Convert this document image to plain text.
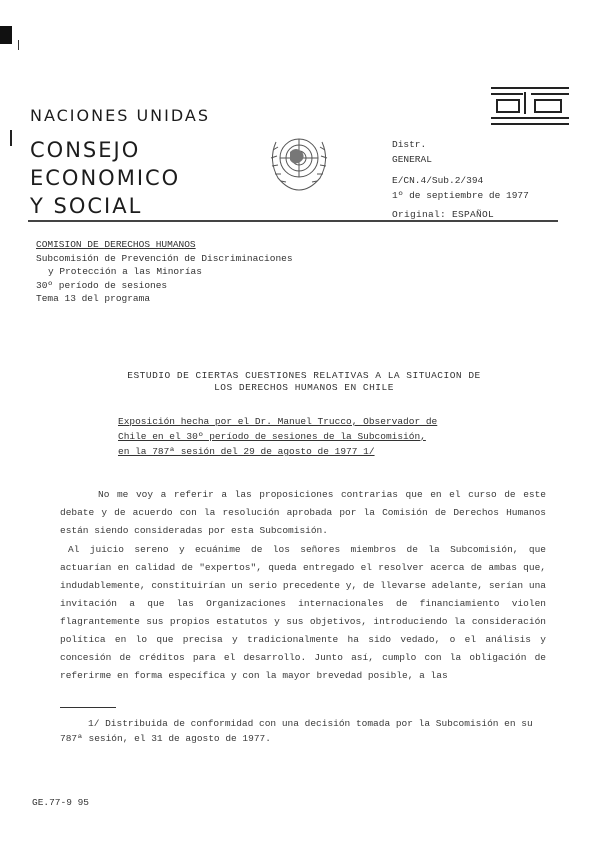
NACIONES UNIDAS
CONSEJO
ECONOMICO
Y SOCIAL
Distr.
GENERAL
E/CN.4/Sub.2/394
1º de septiembre de 1977
Original: ESPAÑOL
COMISION DE DERECHOS HUMANOS
Subcomisión de Prevención de Discriminaciones
y Protección a las Minorías
30º período de sesiones
Tema 13 del programa
ESTUDIO DE CIERTAS CUESTIONES RELATIVAS A LA SITUACION DE
LOS DERECHOS HUMANOS EN CHILE
Exposición hecha por el Dr. Manuel Trucco, Observador de
Chile en el 30º período de sesiones de la Subcomisión,
en la 787ª sesión del 29 de agosto de 1977 1/

No me voy a referir a las proposiciones contrarias que en el curso de este debate y de acuerdo con la resolución aprobada por la Comisión de Derechos Humanos están siendo consideradas por esta Subcomisión.

Al juicio sereno y ecuánime de los señores miembros de la Subcomisión, que actuarían en calidad de "expertos", queda entregado el resolver acerca de ambas que, indudablemente, constituirían un serio precedente y, de llevarse adelante, serían una invitación a que las Organizaciones internacionales de financiamiento violen flagrantemente sus propios estatutos y sus objetivos, introduciendo la consideración política en lo que precisa y tradicionalmente ha sido vedado, o el análisis y concesión de créditos para el desarrollo. Junto así, cumplo con la obligación de referirme en forma específica y con la mayor brevedad posible, a las

1/ Distribuida de conformidad con una decisión tomada por la Subcomisión en su 787ª sesión, el 31 de agosto de 1977.
GE.77-9 95
